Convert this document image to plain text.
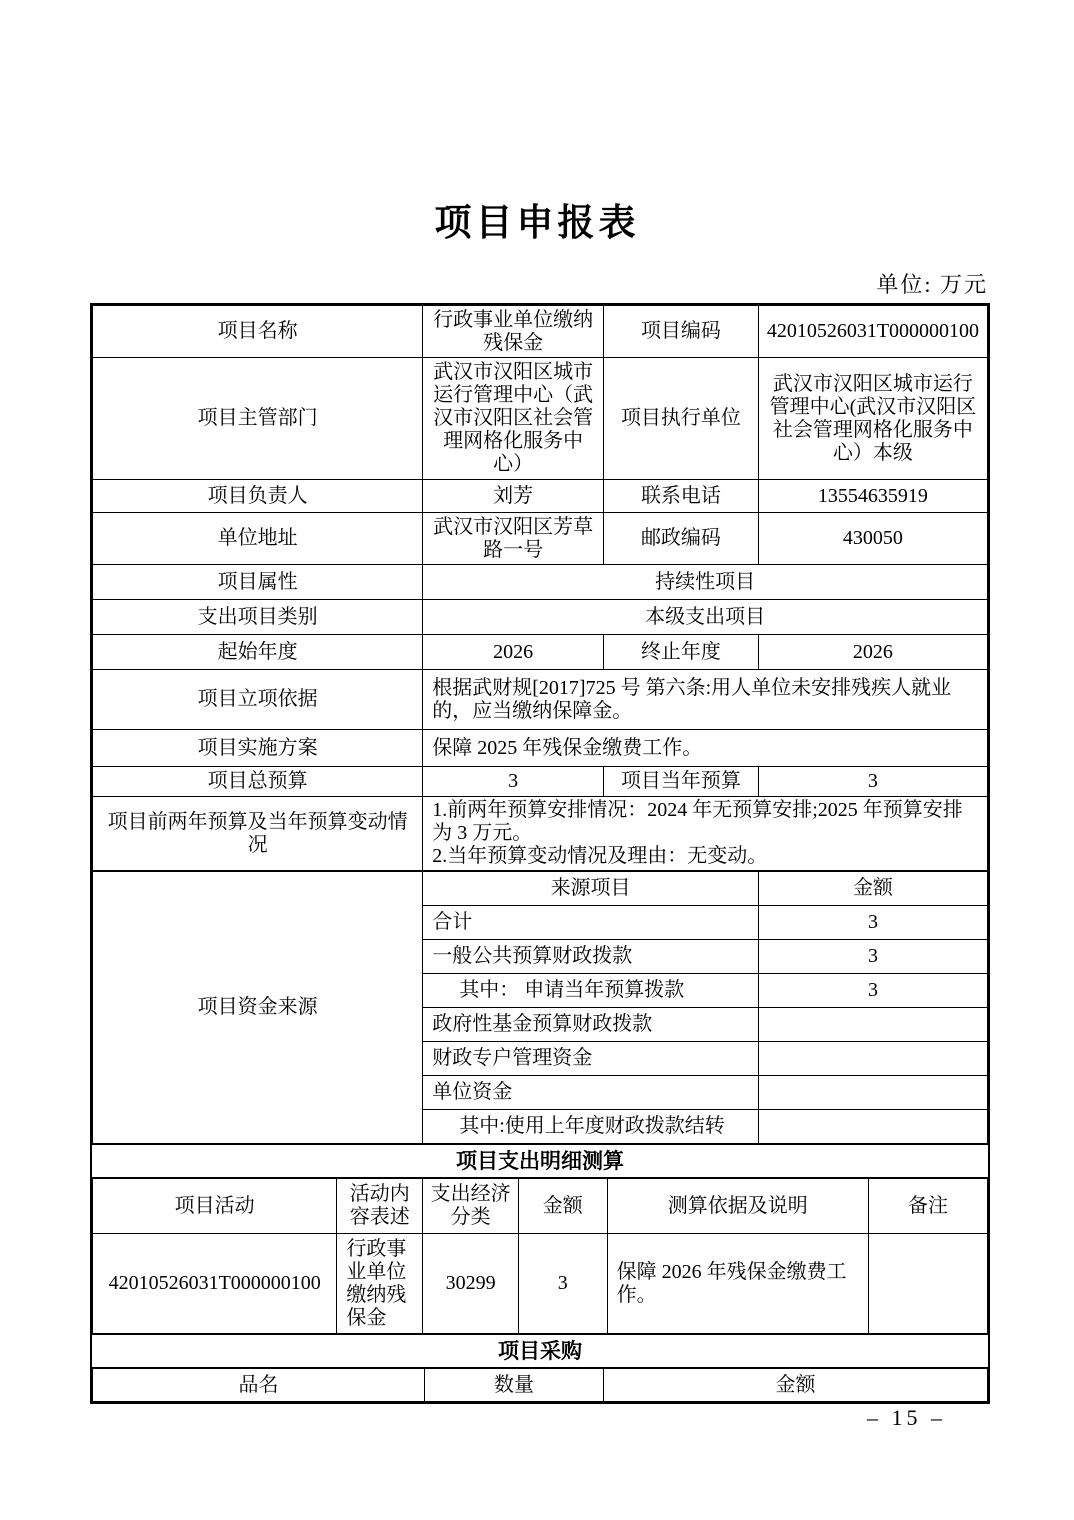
项目申报表
单位: 万元
项目名称	行政事业单位缴纳残保金	项目编码	42010526031T000000100
项目主管部门	武汉市汉阳区城市运行管理中心（武汉市汉阳区社会管理网格化服务中心）	项目执行单位	武汉市汉阳区城市运行管理中心(武汉市汉阳区社会管理网格化服务中心）本级
项目负责人	刘芳	联系电话	13554635919
单位地址	武汉市汉阳区芳草路一号	邮政编码	430050
项目属性	持续性项目		
支出项目类别	本级支出项目		
起始年度	2026	终止年度	2026
项目立项依据	根据武财规[2017]725 号 第六条:用人单位未安排残疾人就业的，应当缴纳保障金。		
项目实施方案	保障 2025 年残保金缴费工作。		
项目总预算	3	项目当年预算	3
项目前两年预算及当年预算变动情况	1.前两年预算安排情况：2024 年无预算安排;2025 年预算安排为 3 万元。
2.当年预算变动情况及理由：无变动。		
项目资金来源	来源项目	金额
	合计	3
	一般公共预算财政拨款	3
	其中： 申请当年预算拨款	3
	政府性基金预算财政拨款	
	财政专户管理资金	
	单位资金	
	其中:使用上年度财政拨款结转	
项目支出明细测算
项目活动	活动内容表述	支出经济分类	金额	测算依据及说明	备注
42010526031T000000100	行政事业单位缴纳残保金	30299	3	保障 2026 年残保金缴费工作。	
项目采购
品名	数量	金额
– 15 –
